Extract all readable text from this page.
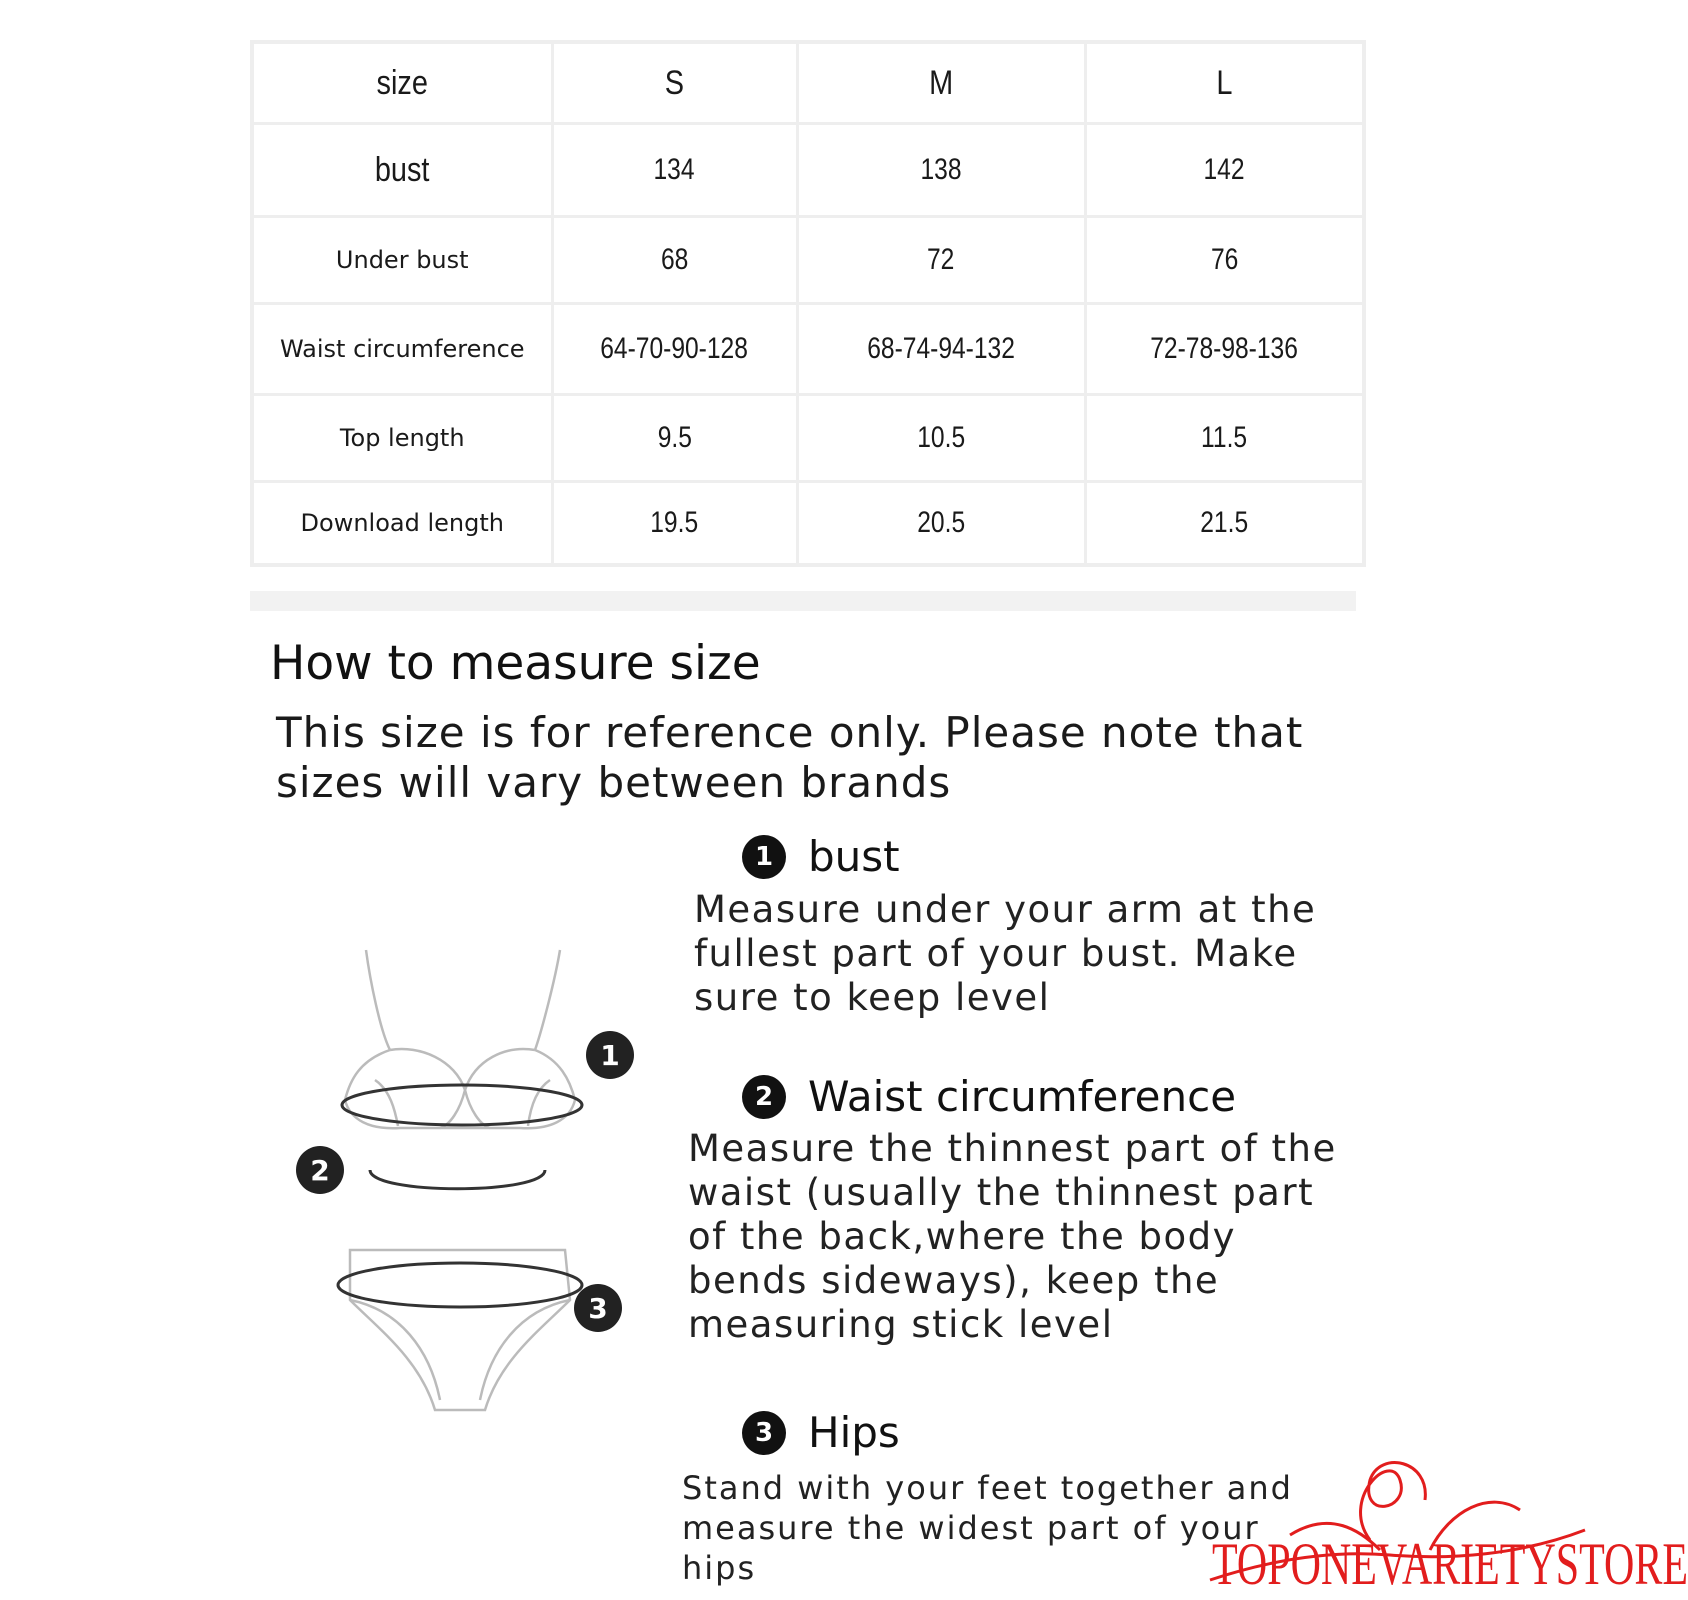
size	S	M	L
bust	134	138	142
Under bust	68	72	76
Waist circumference	64-70-90-128	68-74-94-132	72-78-98-136
Top length	9.5	10.5	11.5
Download length	19.5	20.5	21.5
How to measure size

This size is for reference only. Please note that sizes will vary between brands

1 bust

Measure under your arm at the fullest part of your bust. Make sure to keep level

2 Waist circumference

Measure the thinnest part of the waist (usually the thinnest part of the back,where the body bends sideways), keep the measuring stick level

3 Hips

Stand with your feet together and measure the widest part of your hips

1
2
3
TOPONEVARIETYSTORE
